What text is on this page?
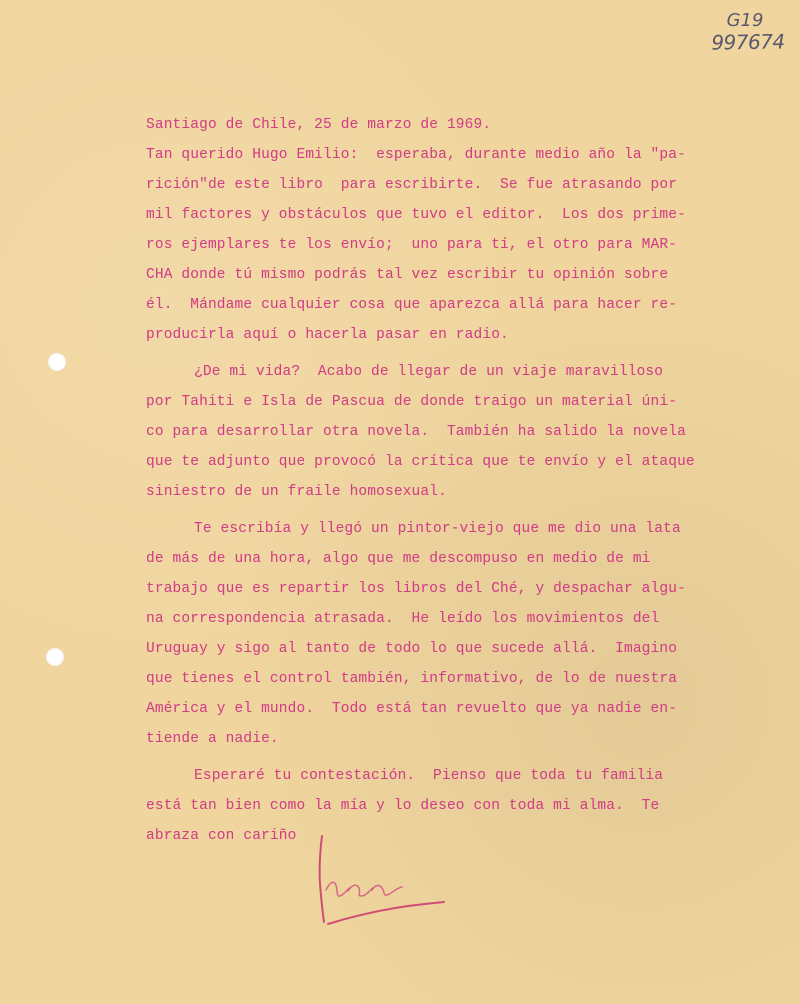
G19
997674
Santiago de Chile, 25 de marzo de 1969.
Tan querido Hugo Emilio:  esperaba, durante medio año la "pa-
rición"de este libro  para escribirte.  Se fue atrasando por
mil factores y obstáculos que tuvo el editor.  Los dos prime-
ros ejemplares te los envío;  uno para tí, el otro para MAR-
CHA donde tú mismo podrás tal vez escribir tu opinión sobre
él.  Mándame cualquier cosa que aparezca allá para hacer re-
producirla aquí o hacerla pasar en radio.
¿De mi vida?  Acabo de llegar de un viaje maravilloso
por Tahiti e Isla de Pascua de donde traigo un material úni-
co para desarrollar otra novela.  También ha salido la novela
que te adjunto que provocó la crítica que te envío y el ataque
siniestro de un fraile homosexual.
Te escribía y llegó un pintor-viejo que me dio una lata
de más de una hora, algo que me descompuso en medio de mi
trabajo que es repartir los libros del Ché, y despachar algu-
na correspondencia atrasada.  He leído los movimientos del
Uruguay y sigo al tanto de todo lo que sucede allá.  Imagino
que tienes el control también, informativo, de lo de nuestra
América y el mundo.  Todo está tan revuelto que ya nadie en-
tiende a nadie.
Esperaré tu contestación.  Pienso que toda tu familia
está tan bien como la mía y lo deseo con toda mi alma.  Te
abraza con cariño
